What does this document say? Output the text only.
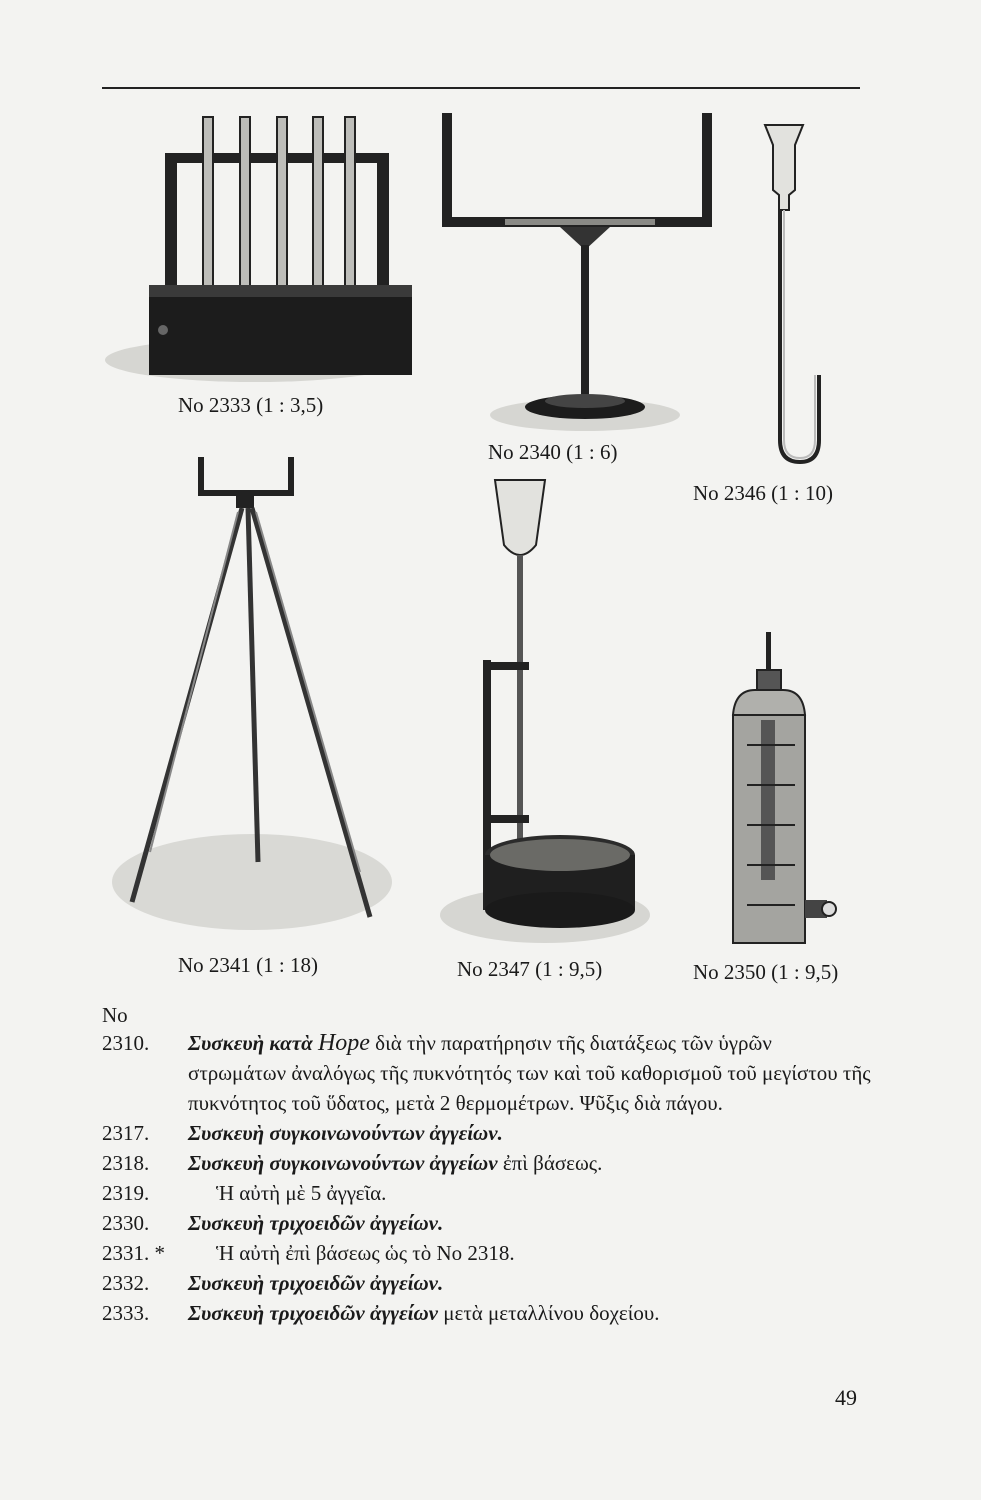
No 2333 (1 : 3,5)
No 2340 (1 : 6)
No 2346 (1 : 10)
No 2341 (1 : 18)	No 2347 (1 : 9,5)	No 2350 (1 : 9,5)
No
2310.	Συσκευὴ κατὰ Hope διὰ τὴν παρατήρησιν τῆς διατάξεως τῶν ὑγρῶν στρωμάτων ἀναλόγως τῆς πυκνότητός των καὶ τοῦ καθορισμοῦ τοῦ μεγίστου τῆς πυκνότητος τοῦ ὕδατος, μετὰ 2 θερμομέτρων. Ψῦξις διὰ πάγου.
2317.	Συσκευὴ συγκοινωνούντων ἀγγείων.
2318.	Συσκευὴ συγκοινωνούντων ἀγγείων ἐπὶ βάσεως.
2319.	Ἡ αὐτὴ μὲ 5 ἀγγεῖα.
2330.	Συσκευὴ τριχοειδῶν ἀγγείων.
2331. *	Ἡ αὐτὴ ἐπὶ βάσεως ὡς τὸ No 2318.
2332.	Συσκευὴ τριχοειδῶν ἀγγείων.
2333.	Συσκευὴ τριχοειδῶν ἀγγείων μετὰ μεταλλίνου δοχείου.
49
